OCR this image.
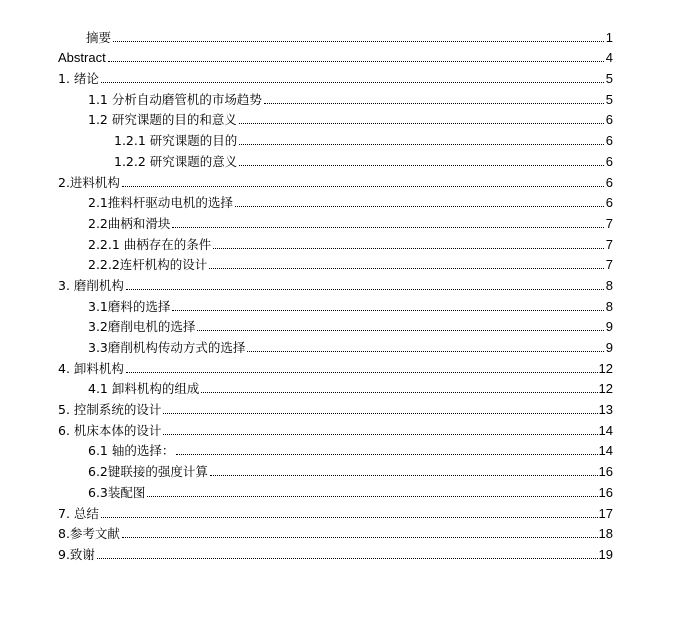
摘要	1
Abstract	4
1. 绪论	5
1.1 分析自动磨管机的市场趋势	5
1.2 研究课题的目的和意义	6
1.2.1 研究课题的目的	6
1.2.2 研究课题的意义	6
2.进料机构	6
2.1推料杆驱动电机的选择	6
2.2曲柄和滑块	7
2.2.1 曲柄存在的条件	7
2.2.2连杆机构的设计	7
3. 磨削机构	8
3.1磨料的选择	8
3.2磨削电机的选择	9
3.3磨削机构传动方式的选择	9
4. 卸料机构	12
4.1 卸料机构的组成	12
5. 控制系统的设计	13
6. 机床本体的设计	14
6.1 轴的选择：	14
6.2键联接的强度计算	16
6.3装配图	16
7. 总结	17
8.参考文献	18
9.致谢	19
